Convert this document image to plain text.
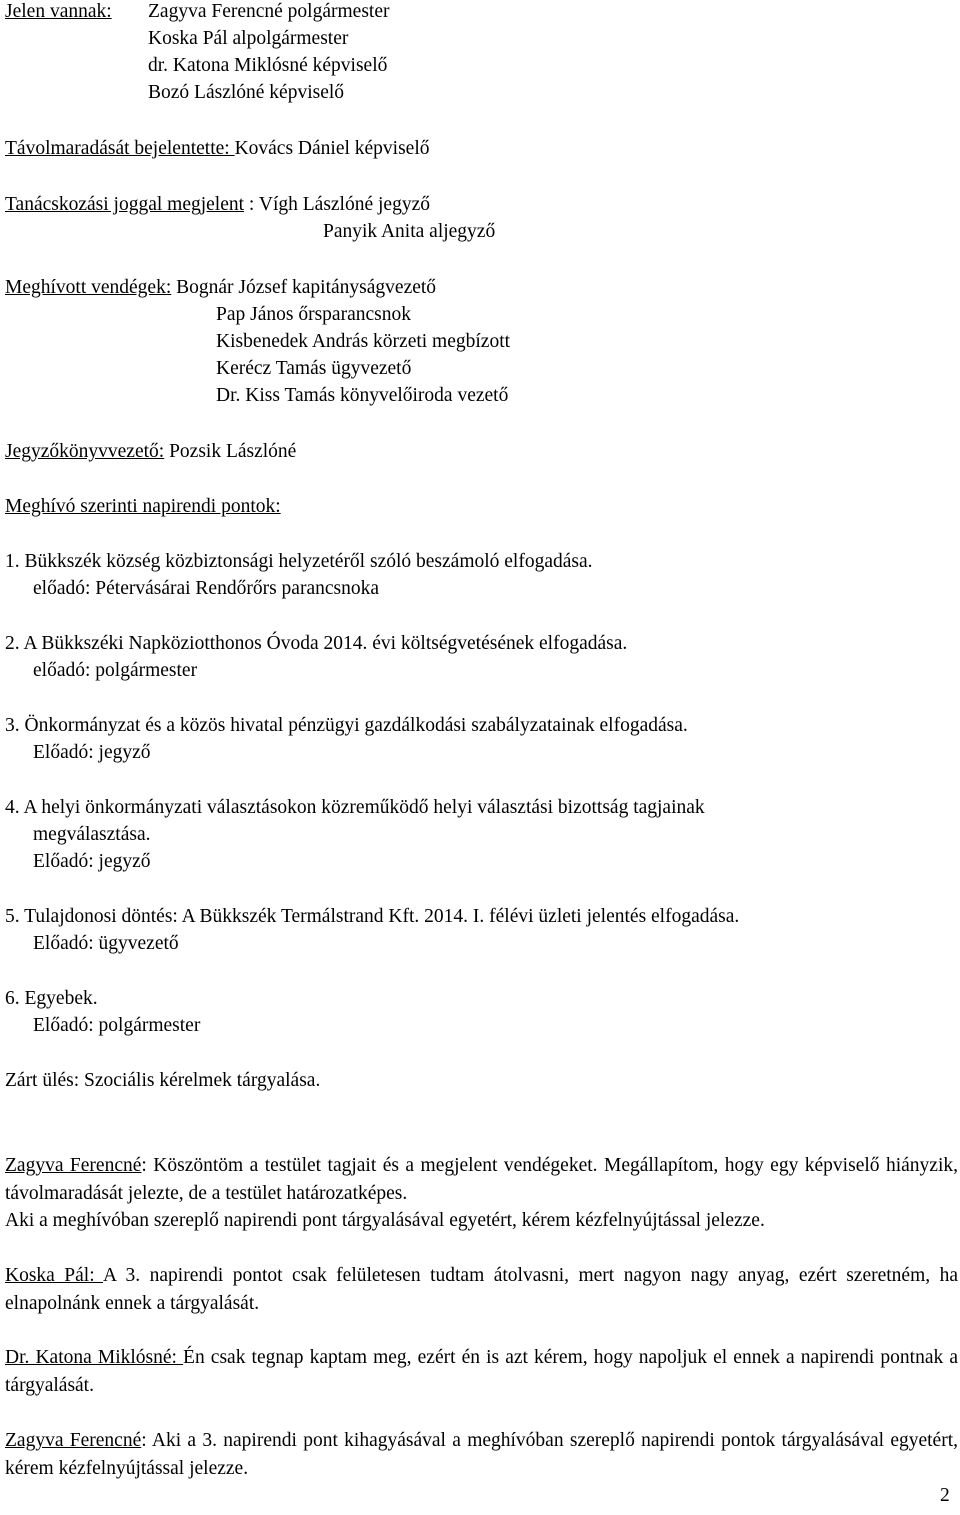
Jelen vannak: Zagyva Ferencné polgármester
Koska Pál alpolgármester
dr. Katona Miklósné képviselő
Bozó Lászlóné képviselő
Távolmaradását bejelentette: Kovács Dániel képviselő
Tanácskozási joggal megjelent : Vígh Lászlóné jegyző
Panyik Anita aljegyző
Meghívott vendégek: Bognár József kapitányságvezető
Pap János őrsparancsnok
Kisbenedek András körzeti megbízott
Kerécz Tamás ügyvezető
Dr. Kiss Tamás könyvelőiroda vezető
Jegyzőkönyvvezető: Pozsik Lászlóné
Meghívó szerinti napirendi pontok:
1. Bükkszék község közbiztonsági helyzetéről szóló beszámoló elfogadása.
előadó: Pétervásárai Rendőrőrs parancsnoka
2. A Bükkszéki Napköziotthonos Óvoda 2014. évi költségvetésének elfogadása.
előadó: polgármester
3. Önkormányzat és a közös hivatal pénzügyi gazdálkodási szabályzatainak elfogadása.
Előadó: jegyző
4. A helyi önkormányzati választásokon közreműködő helyi választási bizottság tagjainak
megválasztása.
Előadó: jegyző
5. Tulajdonosi döntés: A Bükkszék Termálstrand Kft. 2014. I. félévi üzleti jelentés elfogadása.
Előadó: ügyvezető
6. Egyebek.
Előadó: polgármester
Zárt ülés: Szociális kérelmek tárgyalása.
Zagyva Ferencné: Köszöntöm a testület tagjait és a megjelent vendégeket. Megállapítom, hogy egy képviselő hiányzik, távolmaradását jelezte, de a testület határozatképes.
Aki a meghívóban szereplő napirendi pont tárgyalásával egyetért, kérem kézfelnyújtással jelezze.
Koska Pál: A 3. napirendi pontot csak felületesen tudtam átolvasni, mert nagyon nagy anyag, ezért szeretném, ha elnapolnánk ennek a tárgyalását.
Dr. Katona Miklósné: Én csak tegnap kaptam meg, ezért én is azt kérem, hogy napoljuk el ennek a napirendi pontnak a tárgyalását.
Zagyva Ferencné: Aki a 3. napirendi pont kihagyásával a meghívóban szereplő napirendi pontok tárgyalásával egyetért, kérem kézfelnyújtással jelezze.
2
